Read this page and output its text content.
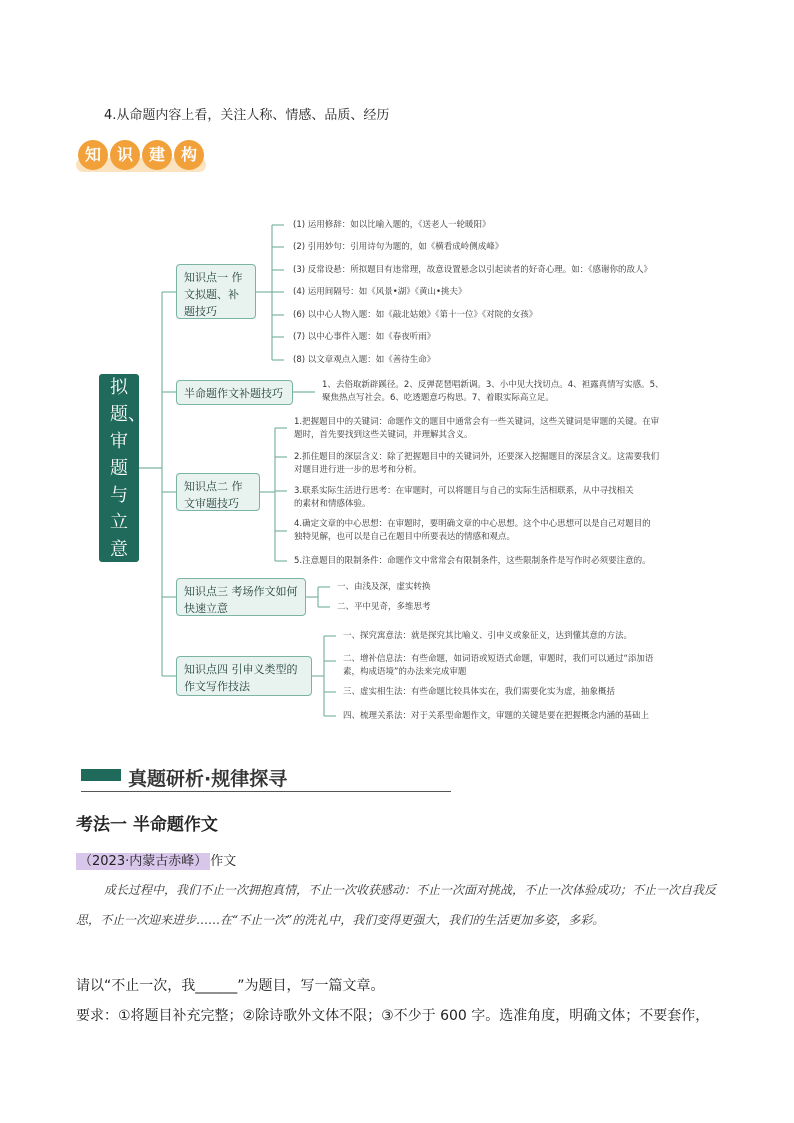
4.从命题内容上看，关注人称、情感、品质、经历
知 识 建 构
拟题、审题与立意
知识点一 作文拟题、补题技巧
(1) 运用修辞：如以比喻入题的，《送老人一轮暖阳》
(2) 引用妙句：引用诗句为题的，如《横看成岭侧成峰》
(3) 反常设悬：所拟题目有违常理，故意设置悬念以引起读者的好奇心理。如：《感谢你的敌人》
(4) 运用间隔号：如《风景•湖》《黄山•挑夫》
(6) 以中心人物入题：如《敲北姑娘》《第十一位》《对院的女孩》
(7) 以中心事件入题：如《春夜听雨》
(8) 以文章观点入题：如《善待生命》
半命题作文补题技巧
1、去俗取新辟蹊径。2、反弹琵琶唱新调。3、小中见大找切点。4、袒露真情写实感。5、聚焦热点写社会。6、吃透题意巧构思。7、着眼实际高立足。
知识点二 作文审题技巧
1.把握题目中的关键词：命题作文的题目中通常会有一些关键词，这些关键词是审题的关键。在审题时，首先要找到这些关键词，并理解其含义。
2.抓住题目的深层含义：除了把握题目中的关键词外，还要深入挖掘题目的深层含义。这需要我们对题目进行进一步的思考和分析。
3.联系实际生活进行思考：在审题时，可以将题目与自己的实际生活相联系，从中寻找相关的素材和情感体验。
4.确定文章的中心思想：在审题时，要明确文章的中心思想。这个中心思想可以是自己对题目的独特见解，也可以是自己在题目中所要表达的情感和观点。
5.注意题目的限制条件：命题作文中常常会有限制条件，这些限制条件是写作时必须要注意的。
知识点三 考场作文如何快速立意
一、由浅及深，虚实转换
二、平中见奇，多维思考
知识点四 引申义类型的作文写作技法
一、探究寓意法：就是探究其比喻义、引申义或象征义，达到懂其意的方法。
二、增补信息法：有些命题，如词语或短语式命题，审题时，我们可以通过“添加语素，构成语境”的办法来完成审题
三、虚实相生法：有些命题比较具体实在，我们需要化实为虚，抽象概括
四、梳理关系法：对于关系型命题作文，审题的关键是要在把握概念内涵的基础上
真题研析·规律探寻
考法一 半命题作文
（2023·内蒙古赤峰） 作文
成长过程中，我们不止一次拥抱真情，不止一次收获感动：不止一次面对挑战，不止一次体验成功；不止一次自我反思，不止一次迎来进步……在“不止一次”的洗礼中，我们变得更强大，我们的生活更加多姿，多彩。
请以“不止一次，我______”为题目，写一篇文章。
要求：①将题目补充完整；②除诗歌外文体不限；③不少于 600 字。选准角度，明确文体；不要套作，
